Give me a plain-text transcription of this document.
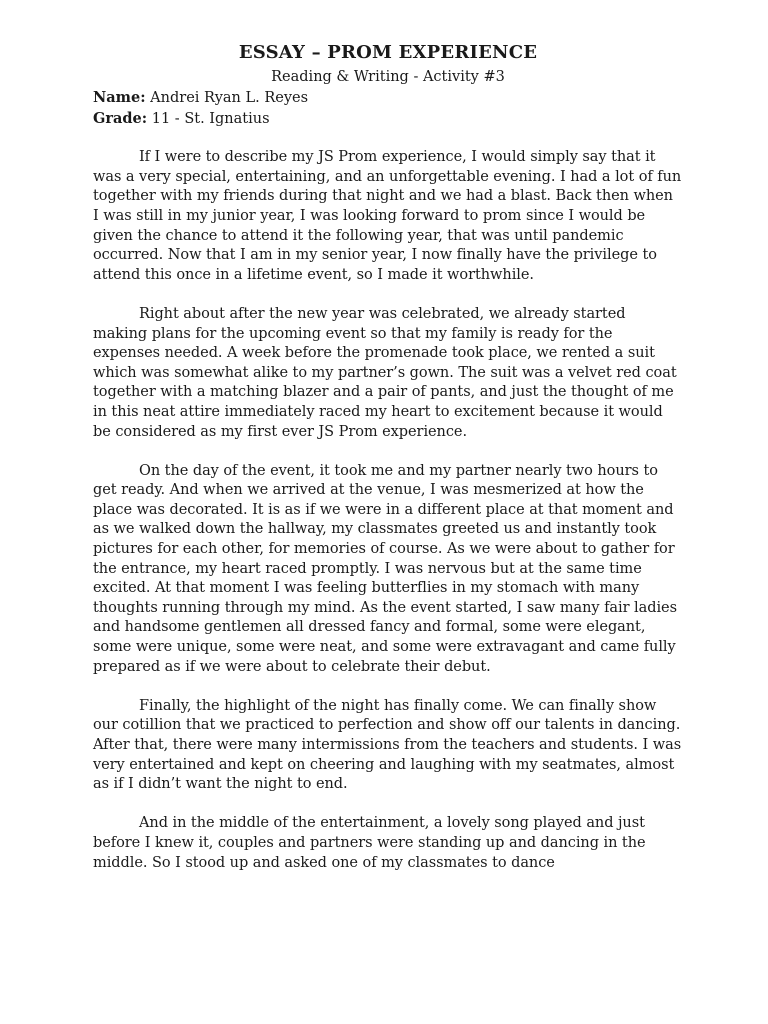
ESSAY – PROM EXPERIENCE

Reading & Writing - Activity #3

Name: Andrei Ryan L. Reyes

Grade: 11 - St. Ignatius

If I were to describe my JS Prom experience, I would simply say that it was a very special, entertaining, and an unforgettable evening. I had a lot of fun together with my friends during that night and we had a blast. Back then when I was still in my junior year, I was looking forward to prom since I would be given the chance to attend it the following year, that was until pandemic occurred. Now that I am in my senior year, I now finally have the privilege to attend this once in a lifetime event, so I made it worthwhile.

Right about after the new year was celebrated, we already started making plans for the upcoming event so that my family is ready for the expenses needed. A week before the promenade took place, we rented a suit which was somewhat alike to my partner’s gown. The suit was a velvet red coat together with a matching blazer and a pair of pants, and just the thought of me in this neat attire immediately raced my heart to excitement because it would be considered as my first ever JS Prom experience.

On the day of the event, it took me and my partner nearly two hours to get ready. And when we arrived at the venue, I was mesmerized at how the place was decorated. It is as if we were in a different place at that moment and as we walked down the hallway, my classmates greeted us and instantly took pictures for each other, for memories of course. As we were about to gather for the entrance, my heart raced promptly. I was nervous but at the same time excited. At that moment I was feeling butterflies in my stomach with many thoughts running through my mind. As the event started, I saw many fair ladies and handsome gentlemen all dressed fancy and formal, some were elegant, some were unique, some were neat, and some were extravagant and came fully prepared as if we were about to celebrate their debut.

Finally, the highlight of the night has finally come. We can finally show our cotillion that we practiced to perfection and show off our talents in dancing. After that, there were many intermissions from the teachers and students. I was very entertained and kept on cheering and laughing with my seatmates, almost as if I didn’t want the night to end.

And in the middle of the entertainment, a lovely song played and just before I knew it, couples and partners were standing up and dancing in the middle. So I stood up and asked one of my classmates to dance
